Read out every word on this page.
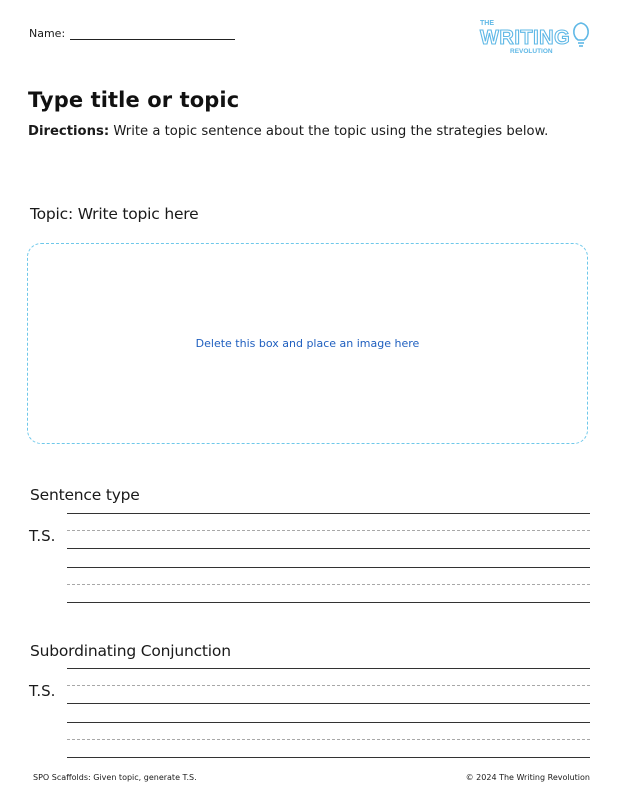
Name:
THE
WRITING
REVOLUTION
Type title or topic
Directions: Write a topic sentence about the topic using the strategies below.
Topic: Write topic here
Delete this box and place an image here
Sentence type
T.S.
Subordinating Conjunction
T.S.
SPO Scaffolds: Given topic, generate T.S.	© 2024 The Writing Revolution
